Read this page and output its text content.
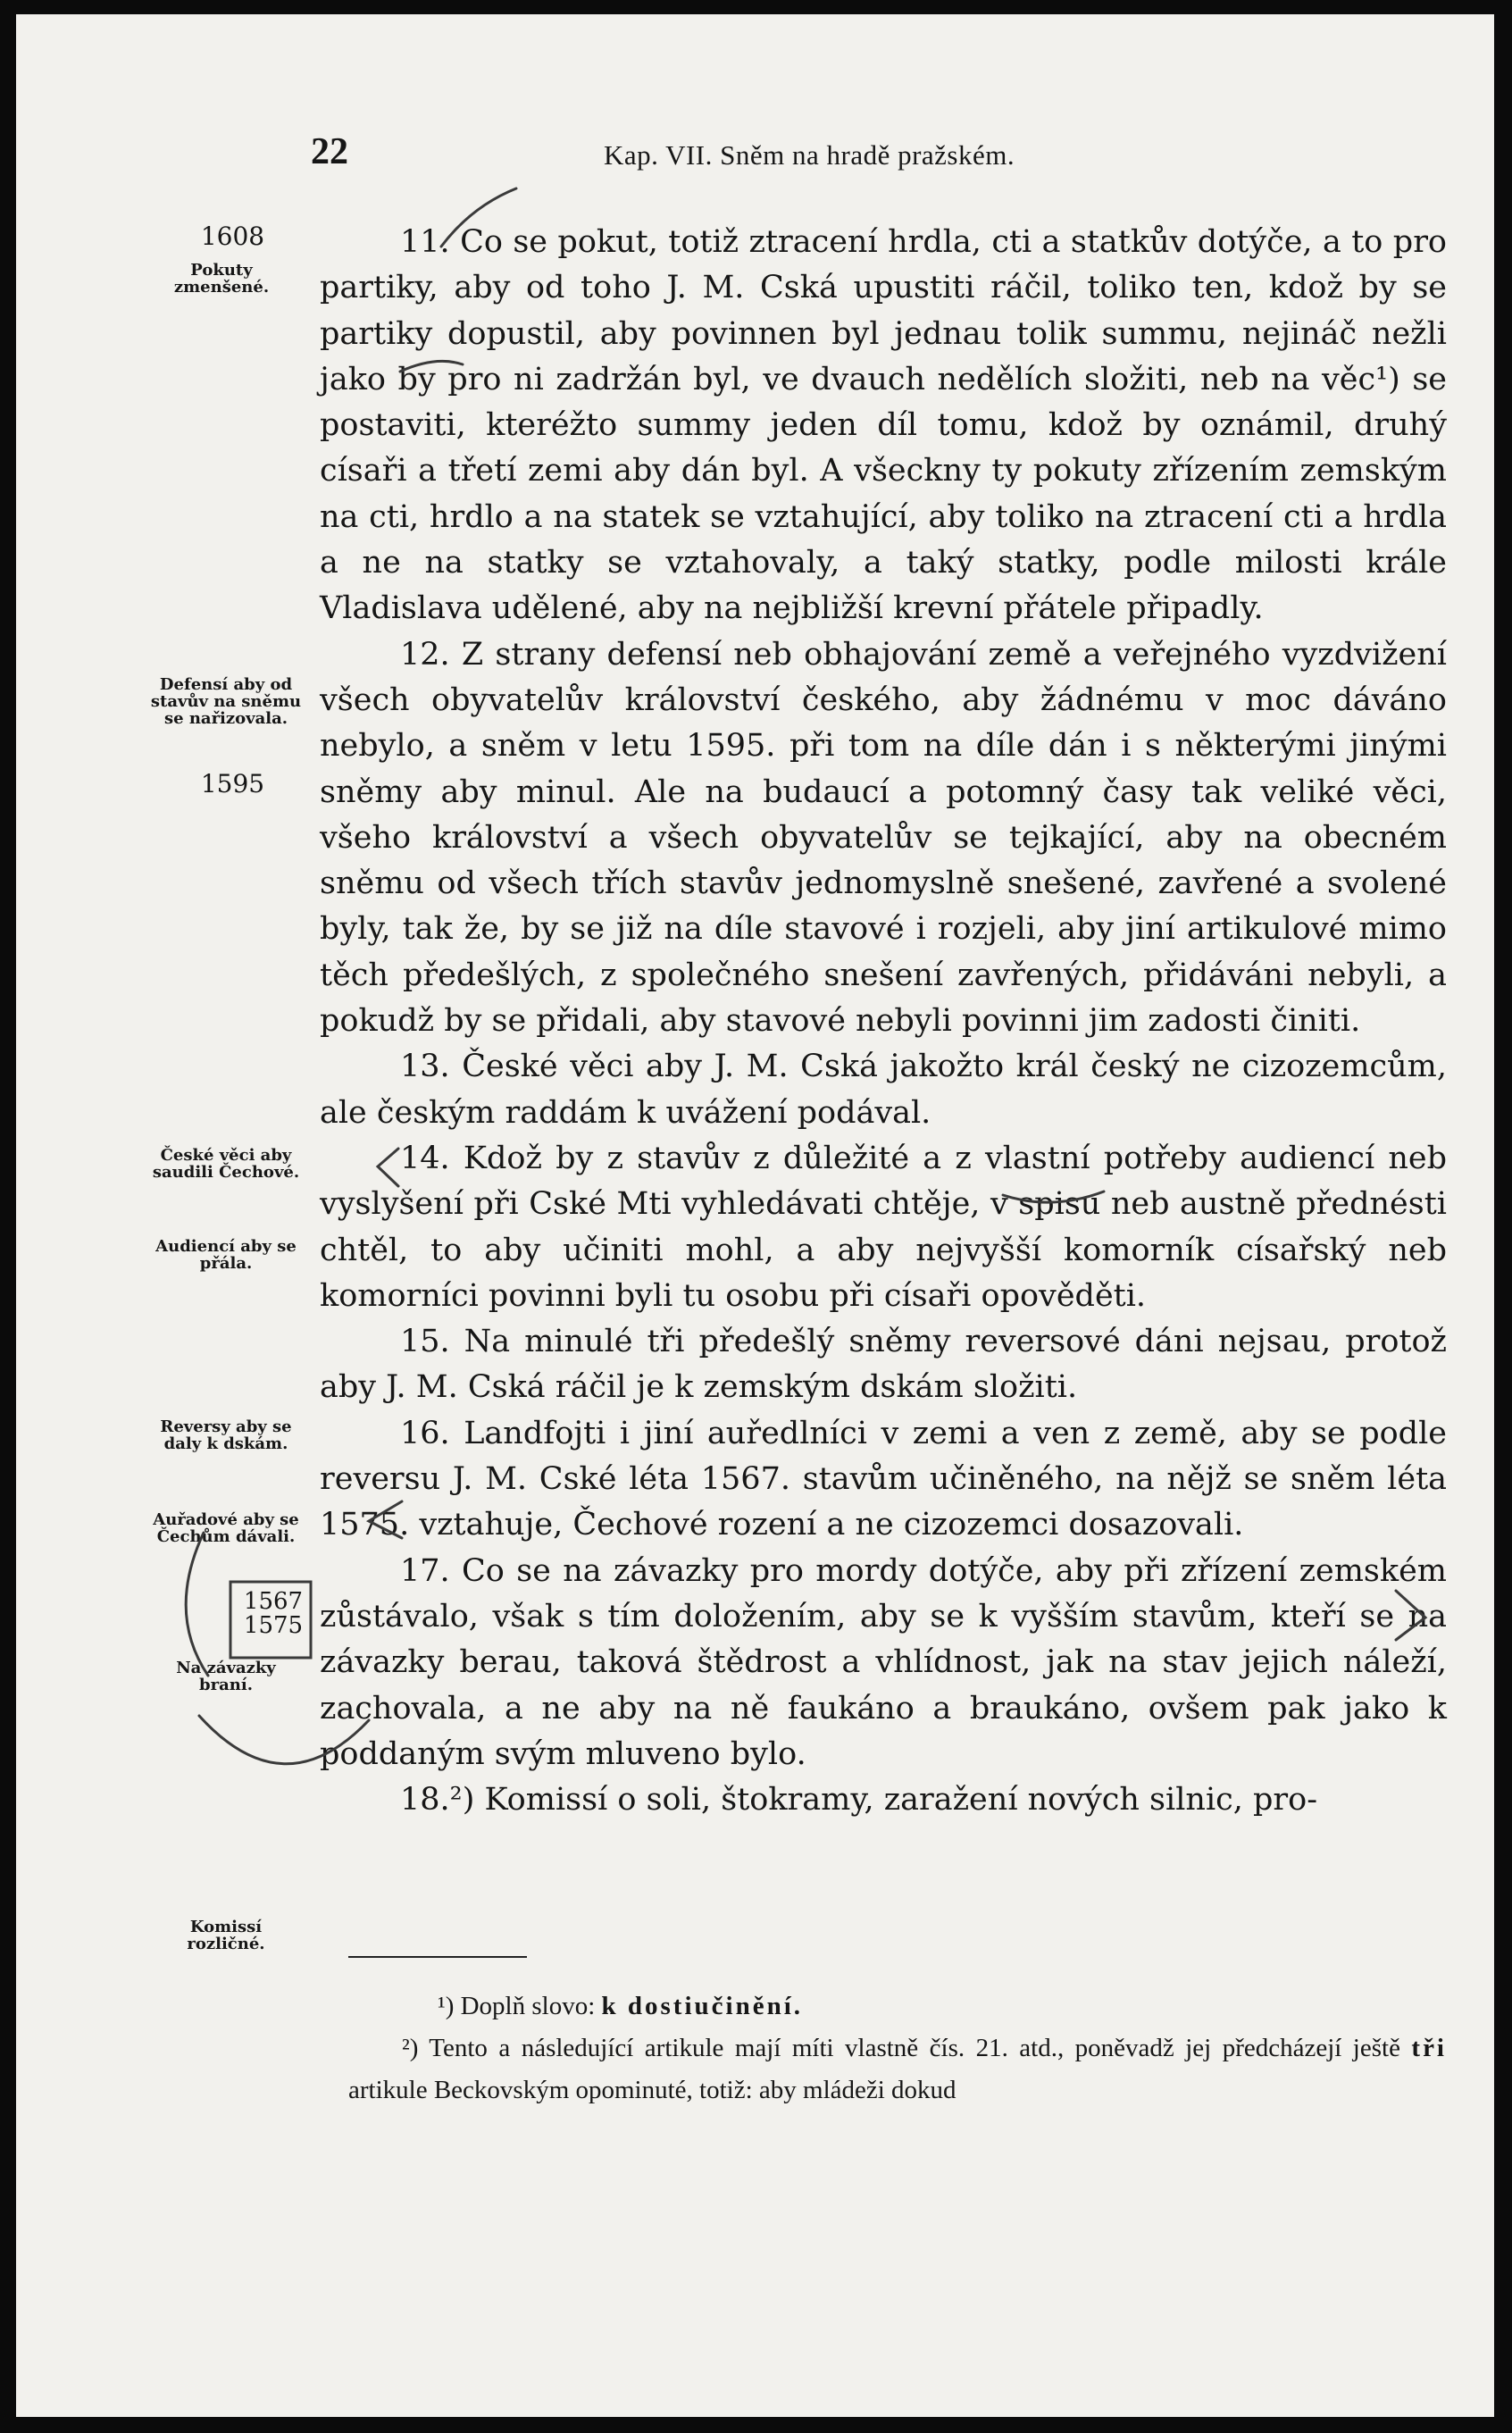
22	Kap. VII. Sněm na hradě pražském.
1608
Pokuty zmenšené.
Defensí aby od stavův na sněmu se nařizovala.
1595
České věci aby saudili Čechové.
Audiencí aby se přála.
Reversy aby se daly k dskám.
Auřadové aby se Čechům dávali.
1567 1575
Na závazky braní.
Komissí rozličné.

11. Co se pokut, totiž ztracení hrdla, cti a statkův dotýče, a to pro partiky, aby od toho J. M. Cská upustiti ráčil, toliko ten, kdož by se partiky dopustil, aby povinnen byl jednau tolik summu, nejináč nežli jako by pro ni zadržán byl, ve dvauch nedělích složiti, neb na věc¹) se postaviti, kteréžto summy jeden díl tomu, kdož by oznámil, druhý císaři a třetí zemi aby dán byl. A všeckny ty pokuty zřízením zemským na cti, hrdlo a na statek se vztahující, aby toliko na ztracení cti a hrdla a ne na statky se vztahovaly, a taký statky, podle milosti krále Vladislava udělené, aby na nejbližší krevní přátele připadly.

12. Z strany defensí neb obhajování země a veřejného vyzdvižení všech obyvatelův království českého, aby žádnému v moc dáváno nebylo, a sněm v letu 1595. při tom na díle dán i s některými jinými sněmy aby minul. Ale na budaucí a potomný časy tak veliké věci, všeho království a všech obyvatelův se tejkající, aby na obecném sněmu od všech třích stavův jednomyslně snešené, zavřené a svolené byly, tak že, by se již na díle stavové i rozjeli, aby jiní artikulové mimo těch předešlých, z společného snešení zavřených, přidáváni nebyli, a pokudž by se přidali, aby stavové nebyli povinni jim zadosti činiti.

13. České věci aby J. M. Cská jakožto král český ne cizozemcům, ale českým raddám k uvážení podával.

14. Kdož by z stavův z důležité a z vlastní potřeby audiencí neb vyslyšení při Cské Mti vyhledávati chtěje, v spisu neb austně přednésti chtěl, to aby učiniti mohl, a aby nejvyšší komorník císařský neb komorníci povinni byli tu osobu při císaři opověděti.

15. Na minulé tři předešlý sněmy reversové dáni nejsau, protož aby J. M. Cská ráčil je k zemským dskám složiti.

16. Landfojti i jiní auředlníci v zemi a ven z země, aby se podle reversu J. M. Cské léta 1567. stavům učiněného, na nějž se sněm léta 1575. vztahuje, Čechové rození a ne cizozemci dosazovali.

17. Co se na závazky pro mordy dotýče, aby při zřízení zemském zůstávalo, však s tím doložením, aby se k vyšším stavům, kteří se na závazky berau, taková štědrost a vhlídnost, jak na stav jejich náleží, zachovala, a ne aby na ně faukáno a braukáno, ovšem pak jako k poddaným svým mluveno bylo.

18.²) Komissí o soli, štokramy, zaražení nových silnic, pro-

¹) Doplň slovo: k dostiučinění.

²) Tento a následující artikule mají míti vlastně čís. 21. atd., poněvadž jej předcházejí ještě tři artikule Beckovským opominuté, totiž: aby mládeži dokud
